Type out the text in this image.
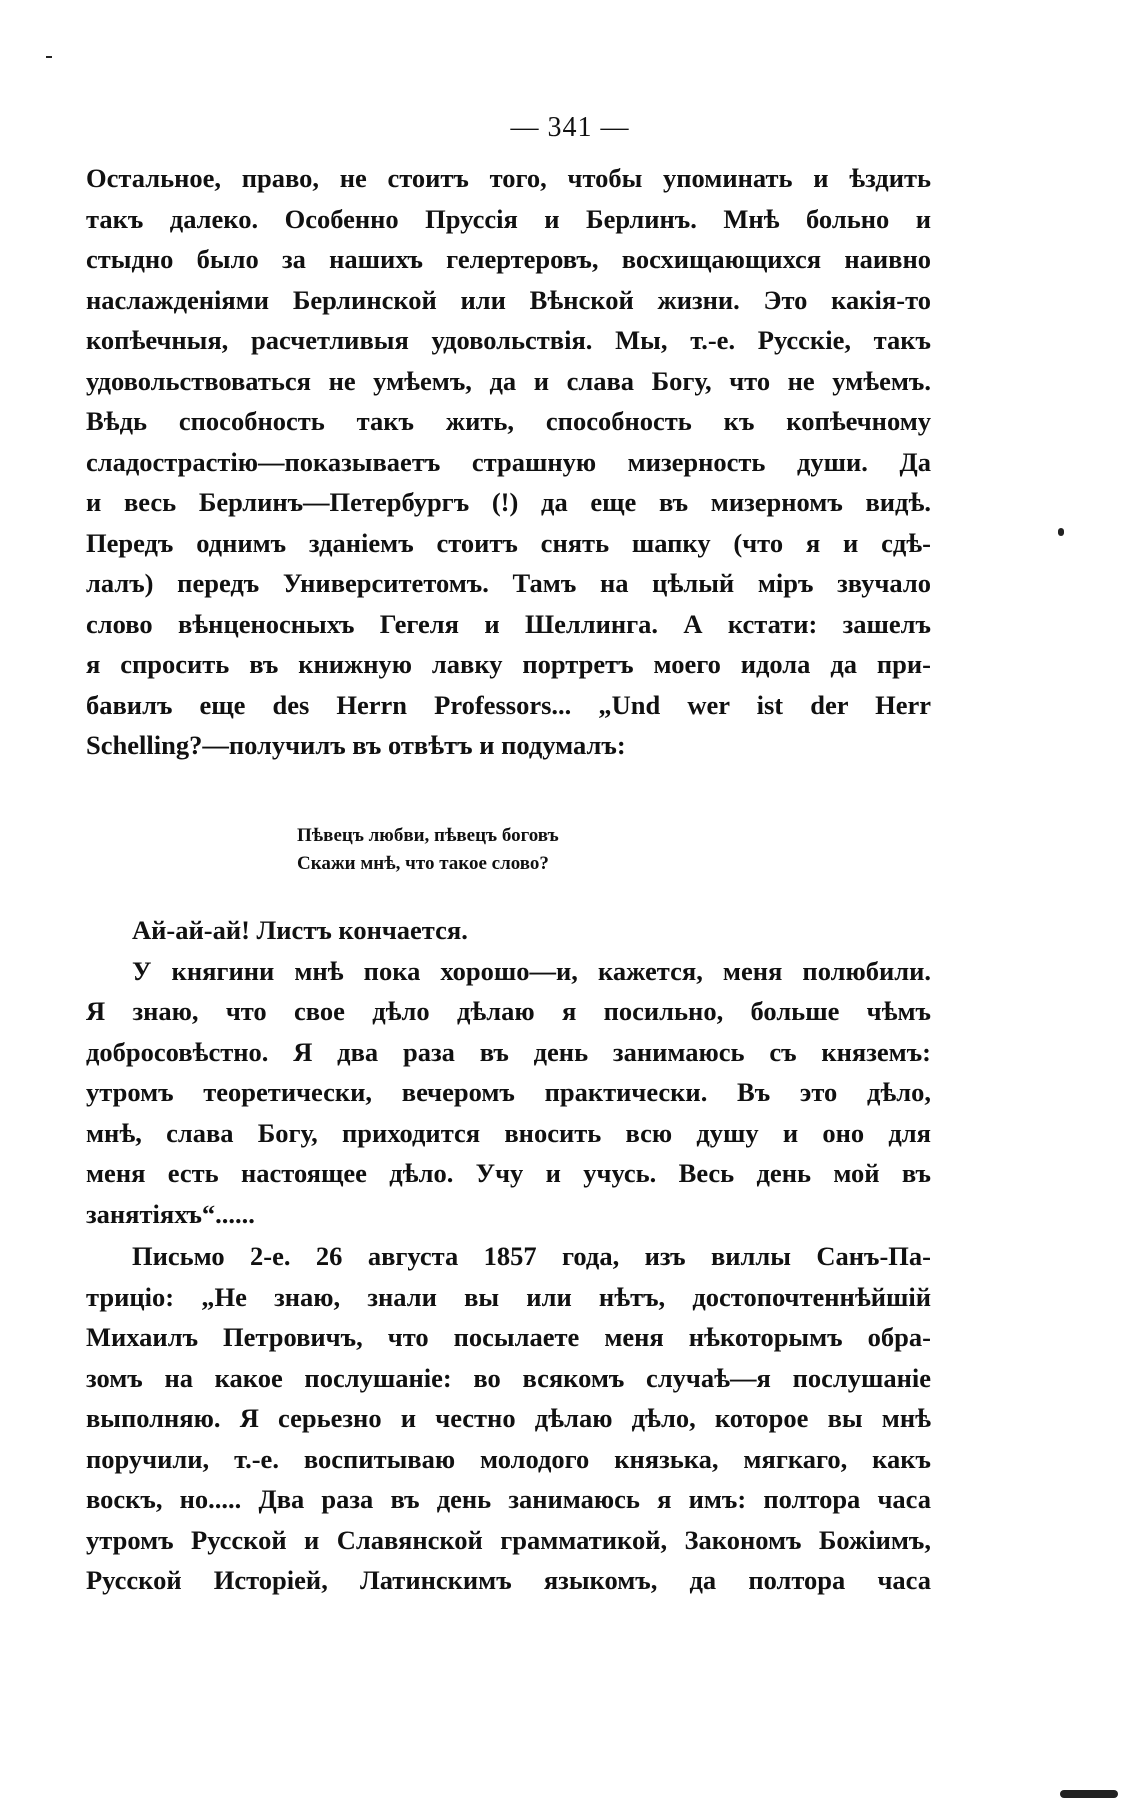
— 341 —
Остальное, право, не стоитъ того, чтобы упоминать и ѣздить
такъ далеко. Особенно Пруссія и Берлинъ. Мнѣ больно и
стыдно было за нашихъ гелертеровъ, восхищающихся наивно
наслажденіями Берлинской или Вѣнской жизни. Это какія-то
копѣечныя, расчетливыя удовольствія. Мы, т.-е. Русскіе, такъ
удовольствоваться не умѣемъ, да и слава Богу, что не умѣемъ.
Вѣдь способность такъ жить, способность къ копѣечному
сладострастію—показываетъ страшную мизерность души. Да
и весь Берлинъ—Петербургъ (!) да еще въ мизерномъ видѣ.
Передъ однимъ зданіемъ стоитъ снять шапку (что я и сдѣ-
лалъ) передъ Университетомъ. Тамъ на цѣлый міръ звучало
слово вѣнценосныхъ Гегеля и Шеллинга. А кстати: зашелъ
я спросить въ книжную лавку портретъ моего идола да при-
бавилъ еще des Herrn Professors... „Und wer ist der Herr
Schelling?—получилъ въ отвѣтъ и подумалъ:
Пѣвецъ любви, пѣвецъ боговъ
Скажи мнѣ, что такое слово?
Ай-ай-ай! Листъ кончается.
У княгини мнѣ пока хорошо—и, кажется, меня полюбили.
Я знаю, что свое дѣло дѣлаю я посильно, больше чѣмъ
добросовѣстно. Я два раза въ день занимаюсь съ княземъ:
утромъ теоретически, вечеромъ практически. Въ это дѣло,
мнѣ, слава Богу, приходится вносить всю душу и оно для
меня есть настоящее дѣло. Учу и учусь. Весь день мой въ
занятіяхъ“......
Письмо 2-е. 26 августа 1857 года, изъ виллы Санъ-Па-
триціо: „Не знаю, знали вы или нѣтъ, достопочтеннѣйшій
Михаилъ Петровичъ, что посылаете меня нѣкоторымъ обра-
зомъ на какое послушаніе: во всякомъ случаѣ—я послушаніе
выполняю. Я серьезно и честно дѣлаю дѣло, которое вы мнѣ
поручили, т.-е. воспитываю молодого князька, мягкаго, какъ
воскъ, но..... Два раза въ день занимаюсь я имъ: полтора часа
утромъ Русской и Славянской грамматикой, Закономъ Божіимъ,
Русской Исторіей, Латинскимъ языкомъ, да полтора часа
